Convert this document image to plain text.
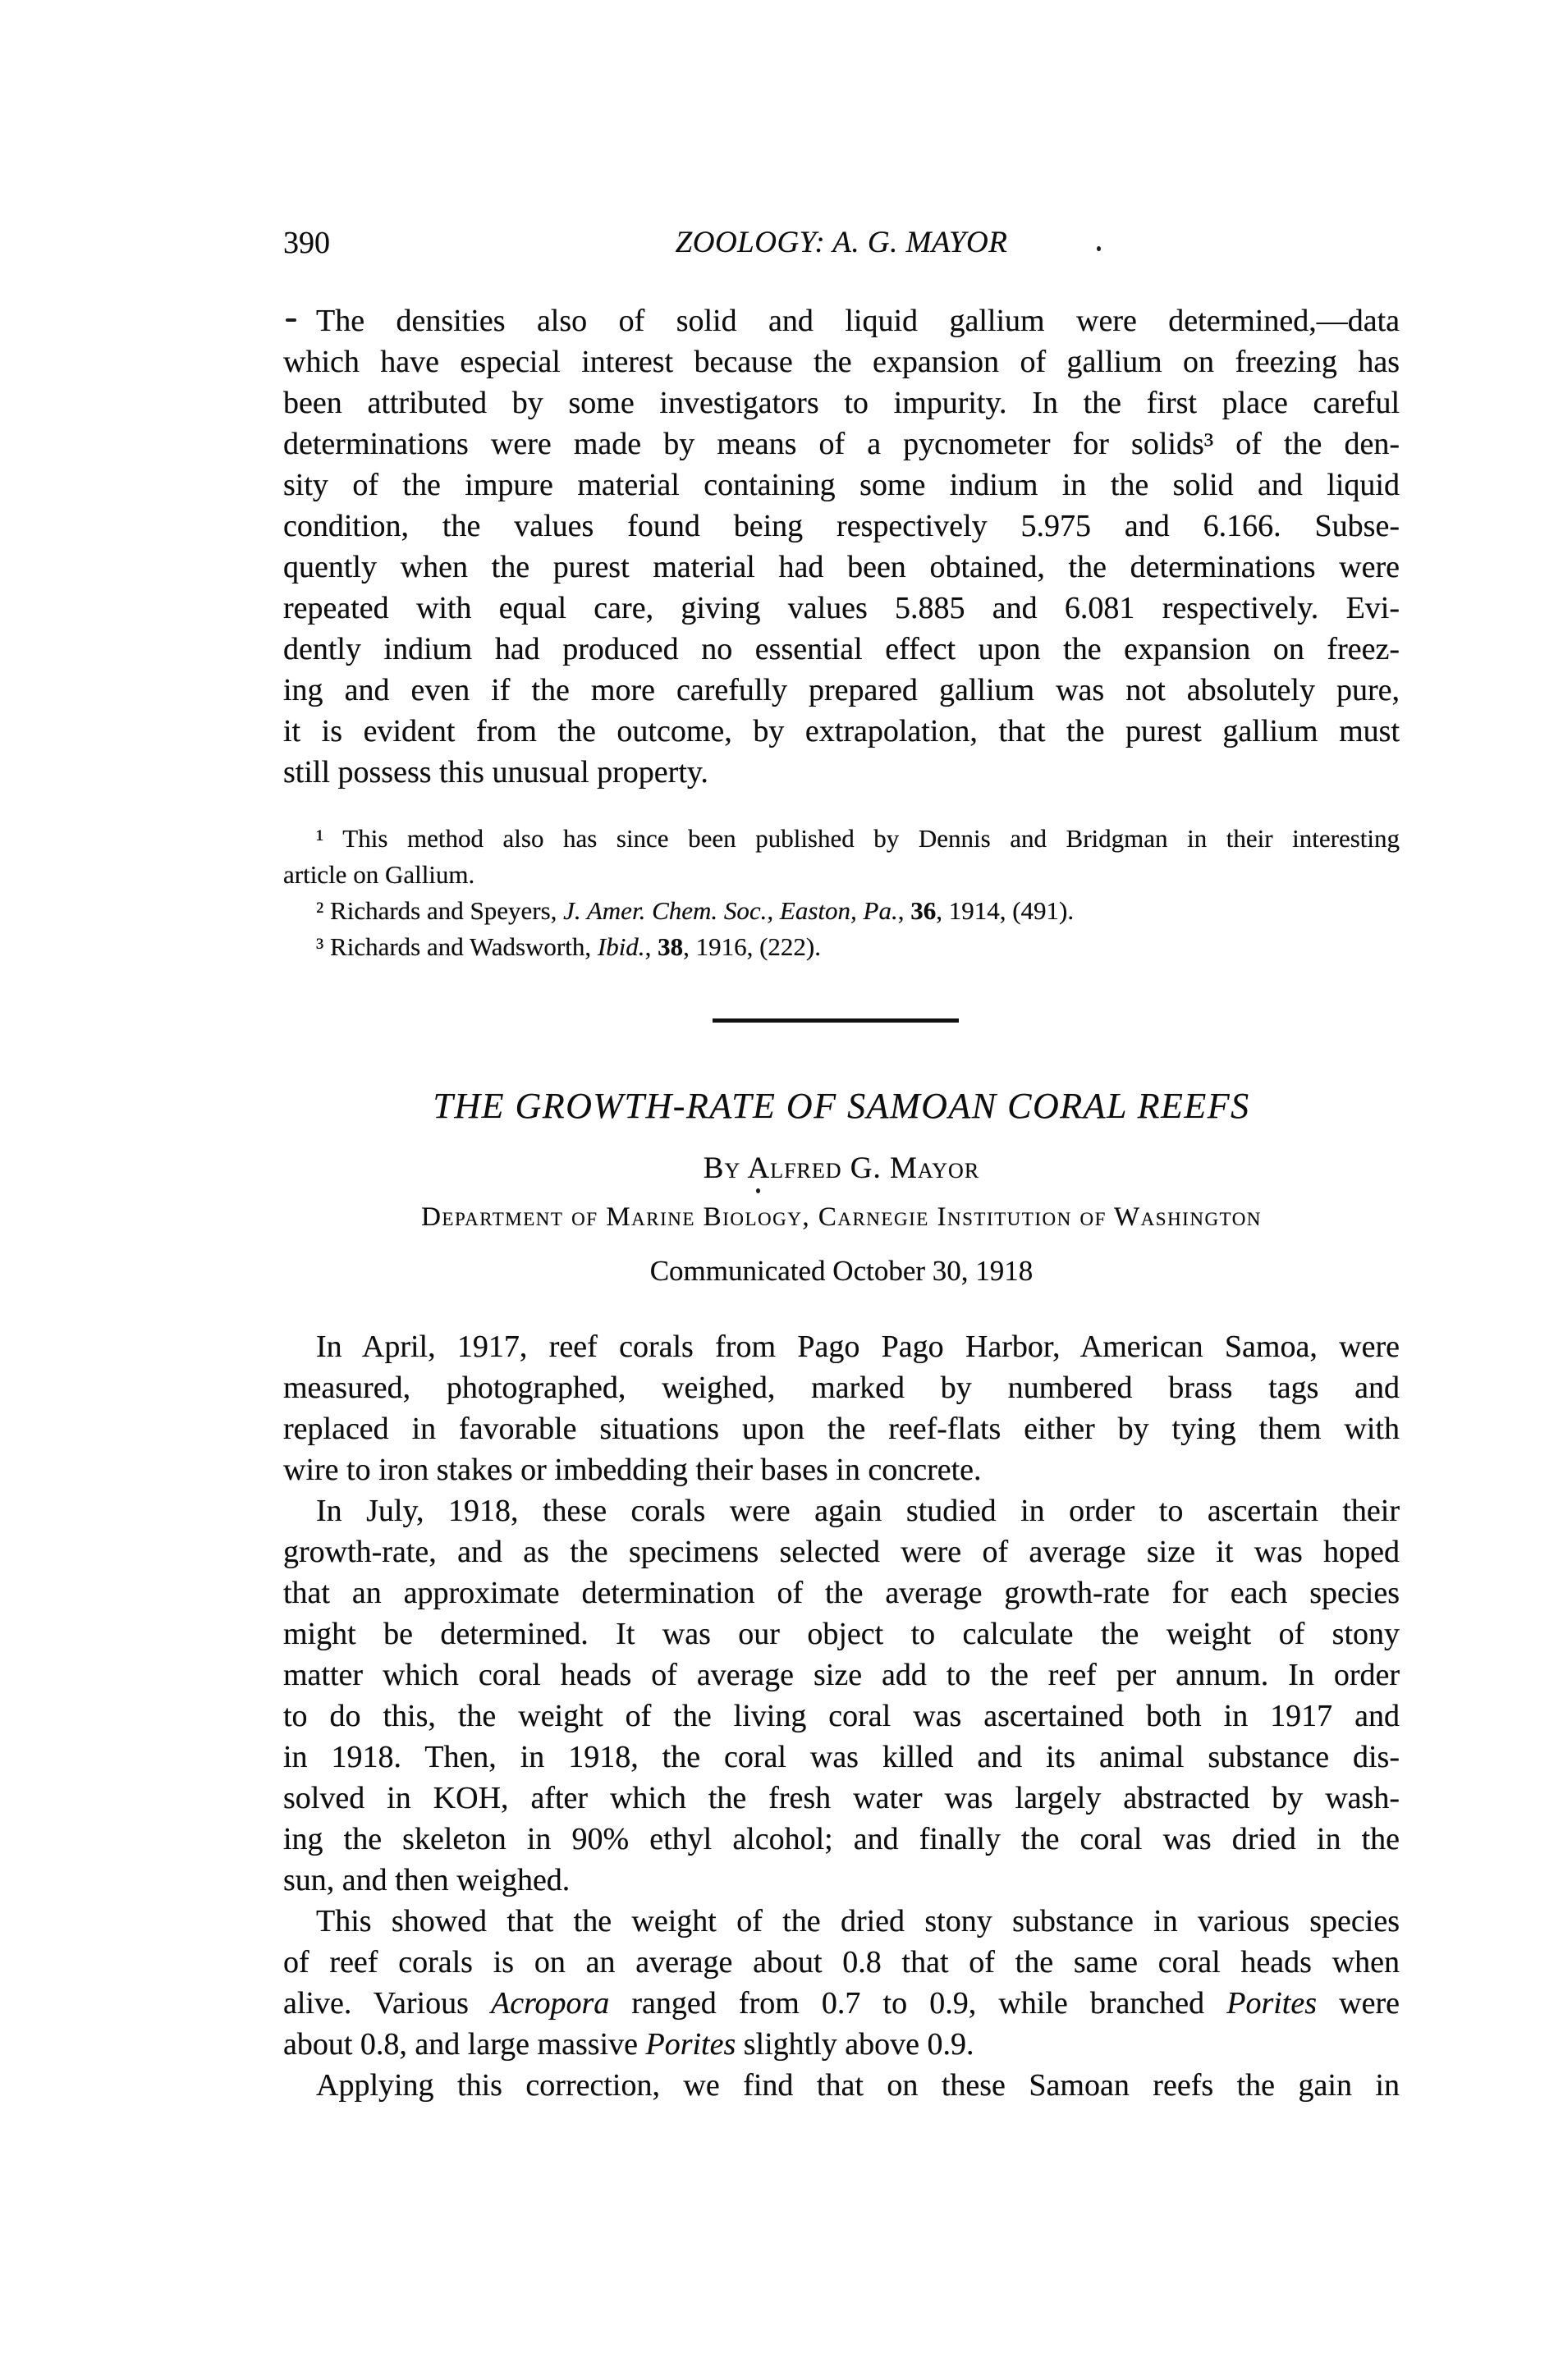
390	ZOOLOGY: A. G. MAYOR
The densities also of solid and liquid gallium were determined,—data
which have especial interest because the expansion of gallium on freezing has
been attributed by some investigators to impurity. In the first place careful
determinations were made by means of a pycnometer for solids³ of the den-
sity of the impure material containing some indium in the solid and liquid
condition, the values found being respectively 5.975 and 6.166. Subse-
quently when the purest material had been obtained, the determinations were
repeated with equal care, giving values 5.885 and 6.081 respectively. Evi-
dently indium had produced no essential effect upon the expansion on freez-
ing and even if the more carefully prepared gallium was not absolutely pure,
it is evident from the outcome, by extrapolation, that the purest gallium must
still possess this unusual property.
¹ This method also has since been published by Dennis and Bridgman in their interesting
article on Gallium.
² Richards and Speyers, J. Amer. Chem. Soc., Easton, Pa., 36, 1914, (491).
³ Richards and Wadsworth, Ibid., 38, 1916, (222).
THE GROWTH-RATE OF SAMOAN CORAL REEFS
By Alfred G. Mayor
Department of Marine Biology, Carnegie Institution of Washington
Communicated October 30, 1918
In April, 1917, reef corals from Pago Pago Harbor, American Samoa, were
measured, photographed, weighed, marked by numbered brass tags and
replaced in favorable situations upon the reef-flats either by tying them with
wire to iron stakes or imbedding their bases in concrete.
In July, 1918, these corals were again studied in order to ascertain their
growth-rate, and as the specimens selected were of average size it was hoped
that an approximate determination of the average growth-rate for each species
might be determined. It was our object to calculate the weight of stony
matter which coral heads of average size add to the reef per annum. In order
to do this, the weight of the living coral was ascertained both in 1917 and
in 1918. Then, in 1918, the coral was killed and its animal substance dis-
solved in KOH, after which the fresh water was largely abstracted by wash-
ing the skeleton in 90% ethyl alcohol; and finally the coral was dried in the
sun, and then weighed.
This showed that the weight of the dried stony substance in various species
of reef corals is on an average about 0.8 that of the same coral heads when
alive. Various Acropora ranged from 0.7 to 0.9, while branched Porites were
about 0.8, and large massive Porites slightly above 0.9.
Applying this correction, we find that on these Samoan reefs the gain in
